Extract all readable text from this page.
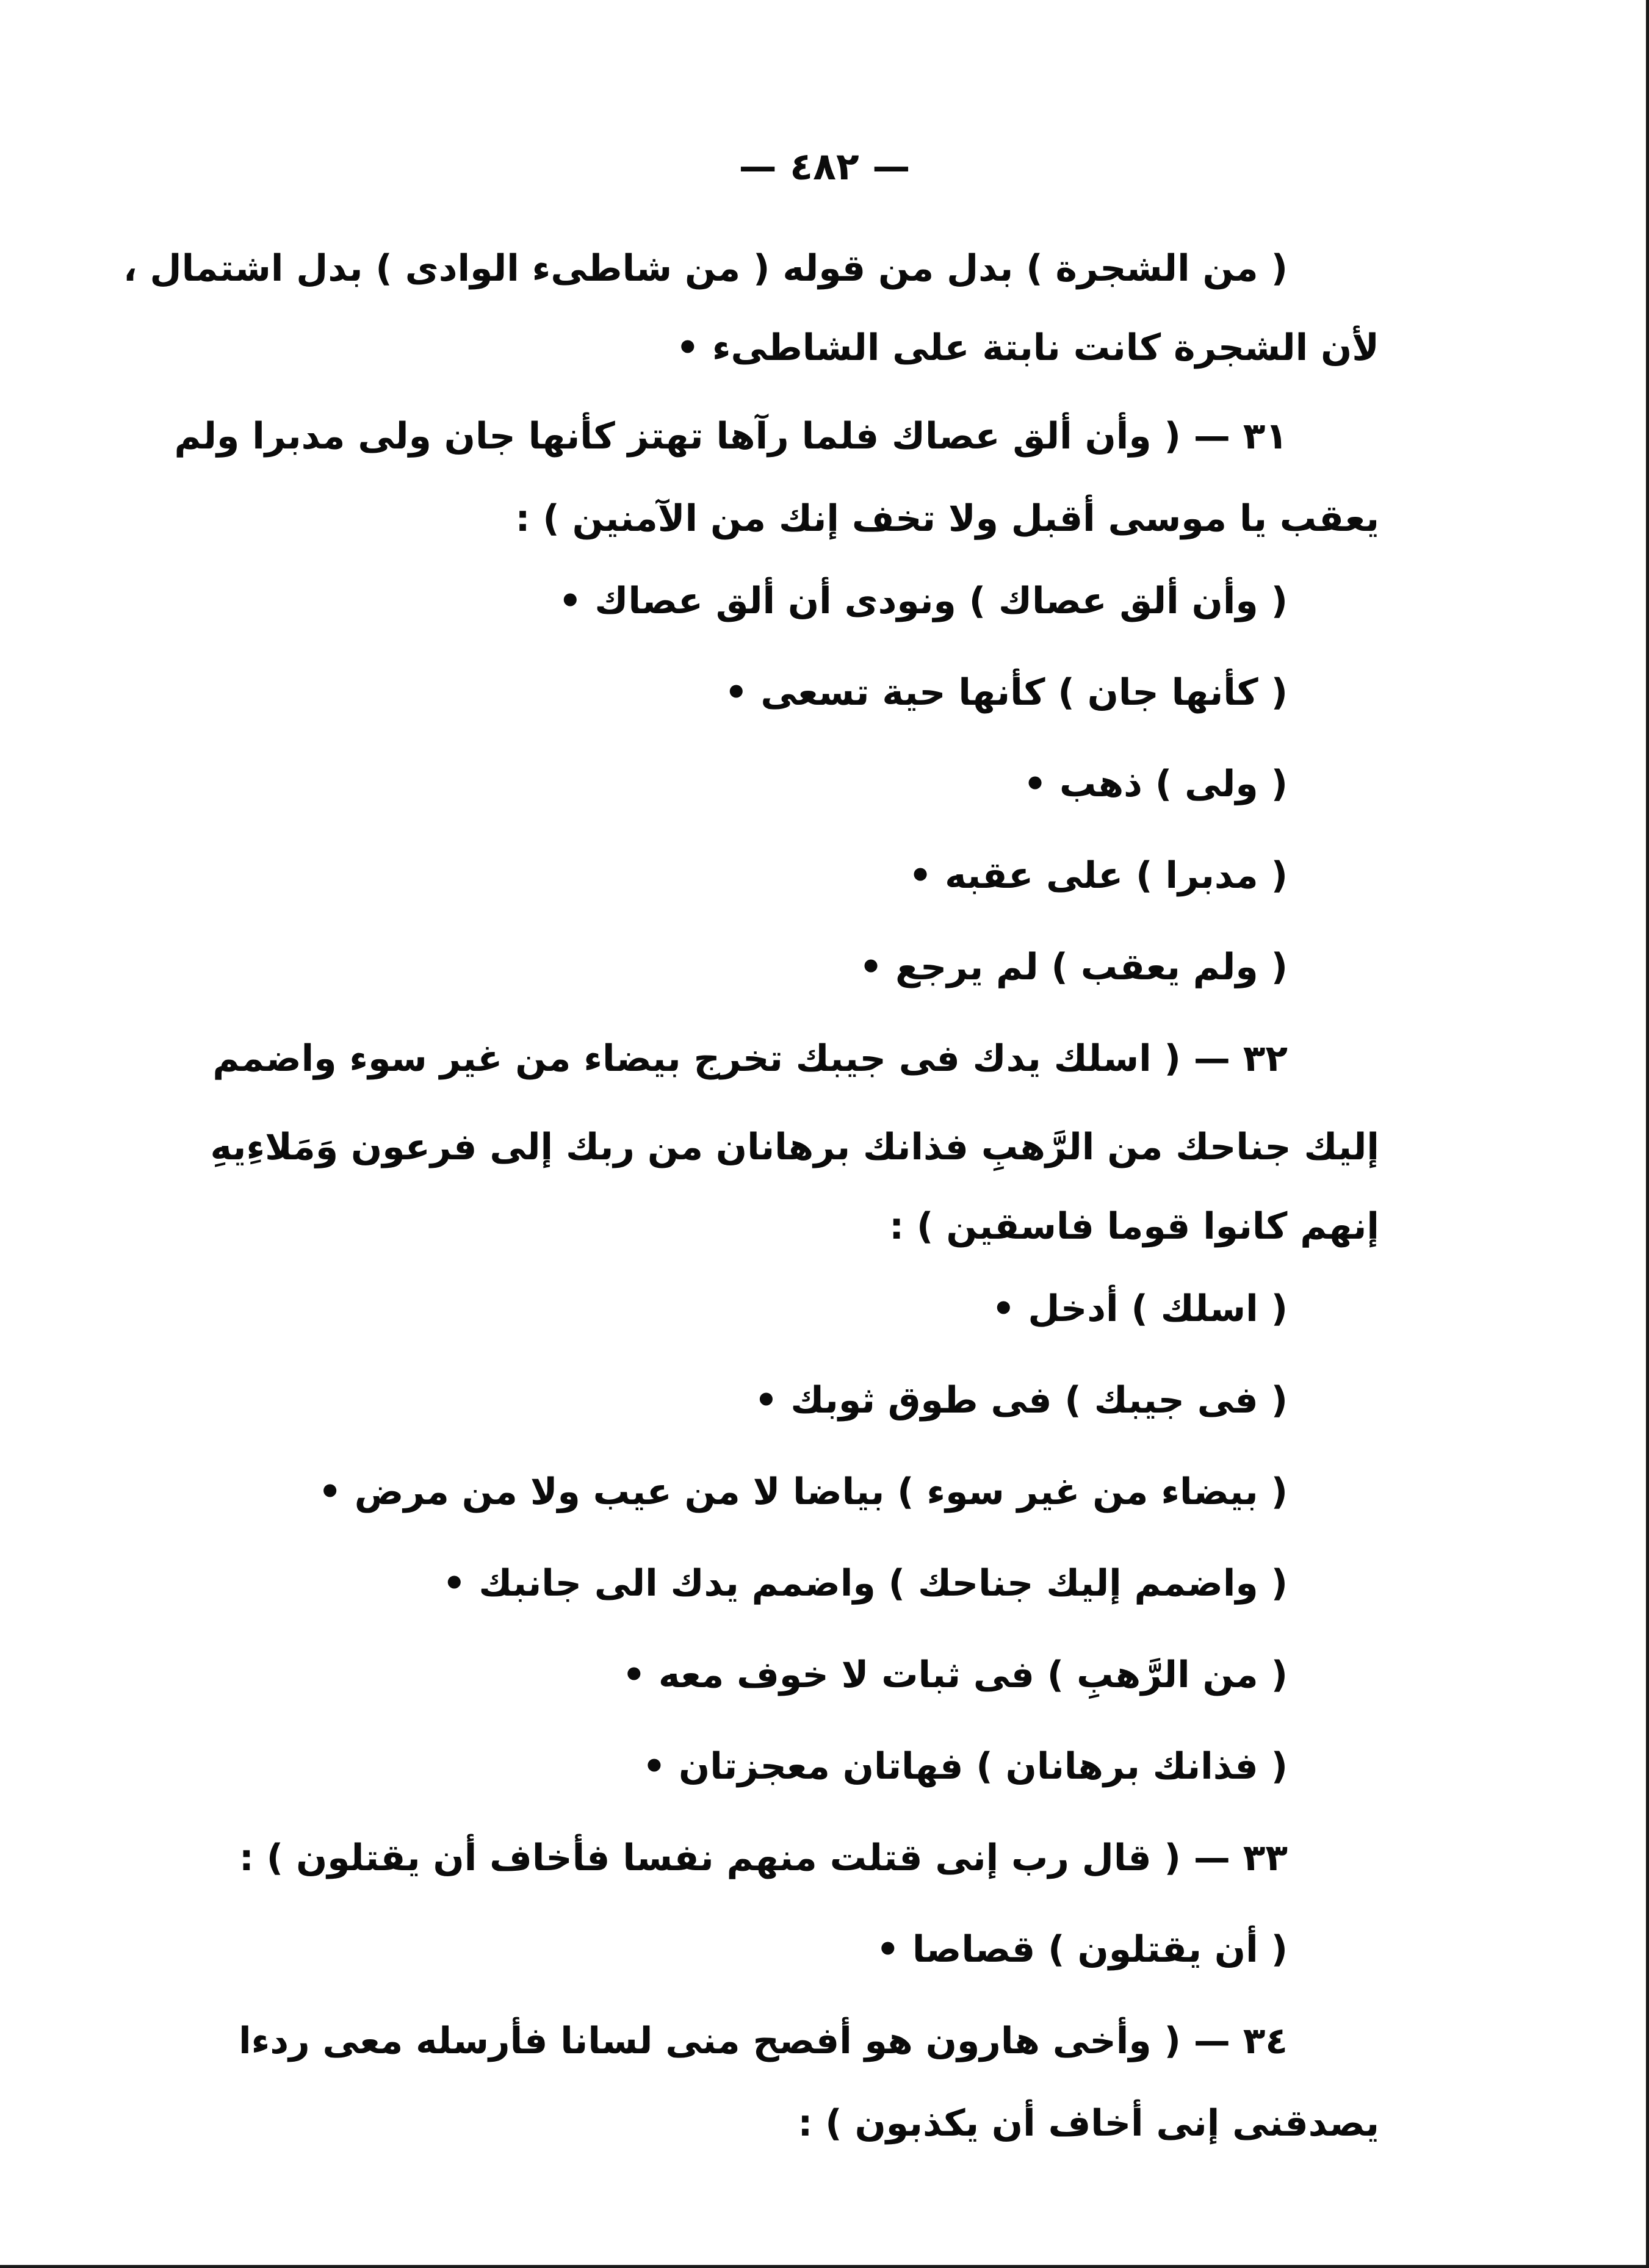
— ٤٨٢ —

( من الشجرة ) بدل من قوله ( من شاطىء الوادى ) بدل اشتمال ،

لأن الشجرة كانت نابتة على الشاطىء •

٣١ — ( وأن ألق عصاك فلما رآها تهتز كأنها جان ولى مدبرا ولم

يعقب يا موسى أقبل ولا تخف إنك من الآمنين ) :

( وأن ألق عصاك ) ونودى أن ألق عصاك •

( كأنها جان ) كأنها حية تسعى •

( ولى ) ذهب •

( مدبرا ) على عقبه •

( ولم يعقب ) لم يرجع •

٣٢ — ( اسلك يدك فى جيبك تخرج بيضاء من غير سوء واضمم

إليك جناحك من الرَّهبِ فذانك برهانان من ربك إلى فرعون وَمَلاءِيهِ

إنهم كانوا قوما فاسقين ) :

( اسلك ) أدخل •

( فى جيبك ) فى طوق ثوبك •

( بيضاء من غير سوء ) بياضا لا من عيب ولا من مرض •

( واضمم إليك جناحك ) واضمم يدك الى جانبك •

( من الرَّهبِ ) فى ثبات لا خوف معه •

( فذانك برهانان ) فهاتان معجزتان •

٣٣ — ( قال رب إنى قتلت منهم نفسا فأخاف أن يقتلون ) :

( أن يقتلون ) قصاصا •

٣٤ — ( وأخى هارون هو أفصح منى لسانا فأرسله معى ردءا

يصدقنى إنى أخاف أن يكذبون ) :
